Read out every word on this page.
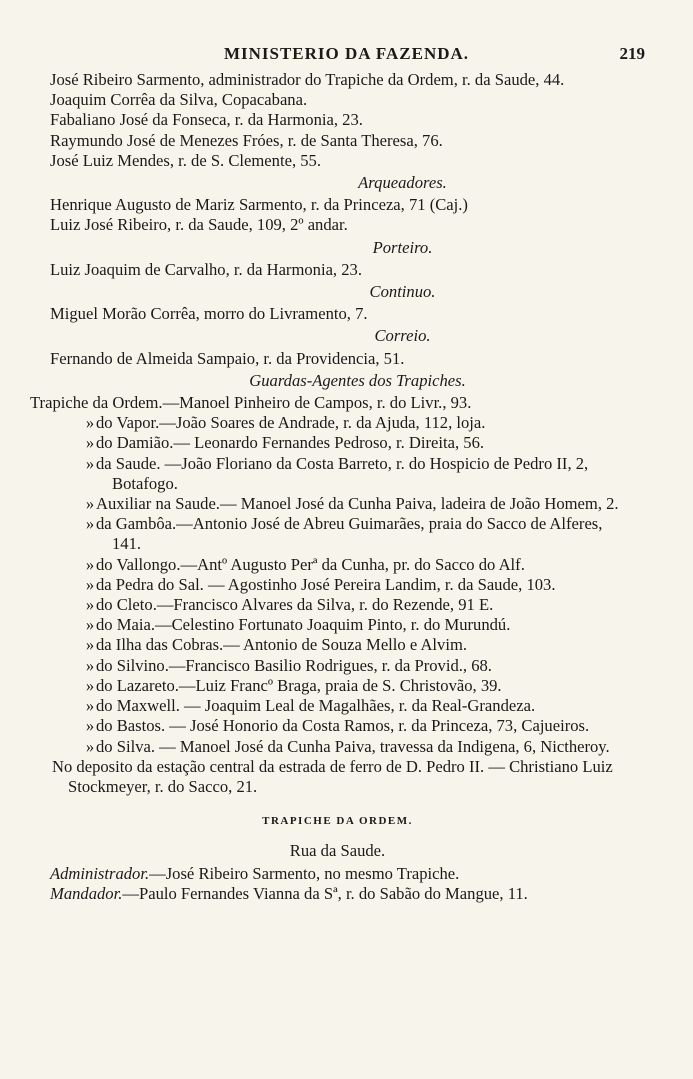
MINISTERIO DA FAZENDA.	219

José Ribeiro Sarmento, administrador do Trapiche da Ordem, r. da Saude, 44.

Joaquim Corrêa da Silva, Copacabana.

Fabaliano José da Fonseca, r. da Harmonia, 23.

Raymundo José de Menezes Fróes, r. de Santa Theresa, 76.

José Luiz Mendes, r. de S. Clemente, 55.

Arqueadores.

Henrique Augusto de Mariz Sarmento, r. da Princeza, 71 (Caj.)

Luiz José Ribeiro, r. da Saude, 109, 2º andar.

Porteiro.

Luiz Joaquim de Carvalho, r. da Harmonia, 23.

Continuo.

Miguel Morão Corrêa, morro do Livramento, 7.

Correio.

Fernando de Almeida Sampaio, r. da Providencia, 51.

Guardas-Agentes dos Trapiches.

Trapiche da Ordem.—Manoel Pinheiro de Campos, r. do Livr., 93.

» do Vapor.—João Soares de Andrade, r. da Ajuda, 112, loja.

» do Damião.— Leonardo Fernandes Pedroso, r. Direita, 56.

» da Saude. —João Floriano da Costa Barreto, r. do Hospicio de Pedro II, 2, Botafogo.

» Auxiliar na Saude.— Manoel José da Cunha Paiva, ladeira de João Homem, 2.

» da Gambôa.—Antonio José de Abreu Guimarães, praia do Sacco de Alferes, 141.

» do Vallongo.—Antº Augusto Perª da Cunha, pr. do Sacco do Alf.

» da Pedra do Sal. — Agostinho José Pereira Landim, r. da Saude, 103.

» do Cleto.—Francisco Alvares da Silva, r. do Rezende, 91 E.

» do Maia.—Celestino Fortunato Joaquim Pinto, r. do Murundú.

» da Ilha das Cobras.— Antonio de Souza Mello e Alvim.

» do Silvino.—Francisco Basilio Rodrigues, r. da Provid., 68.

» do Lazareto.—Luiz Francº Braga, praia de S. Christovão, 39.

» do Maxwell. — Joaquim Leal de Magalhães, r. da Real-Grandeza.

» do Bastos. — José Honorio da Costa Ramos, r. da Princeza, 73, Cajueiros.

» do Silva. — Manoel José da Cunha Paiva, travessa da Indigena, 6, Nictheroy.

No deposito da estação central da estrada de ferro de D. Pedro II. — Christiano Luiz Stockmeyer, r. do Sacco, 21.

TRAPICHE DA ORDEM.

Rua da Saude.

Administrador.—José Ribeiro Sarmento, no mesmo Trapiche.

Mandador.—Paulo Fernandes Vianna da Sª, r. do Sabão do Mangue, 11.
